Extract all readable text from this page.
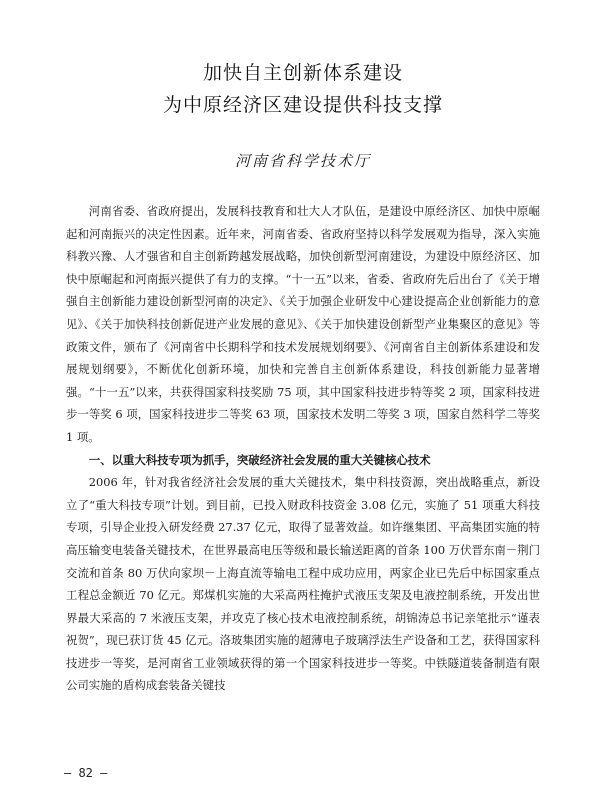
加快自主创新体系建设
为中原经济区建设提供科技支撑
河南省科学技术厅

河南省委、省政府提出，发展科技教育和壮大人才队伍，是建设中原经济区、加快中原崛起和河南振兴的决定性因素。近年来，河南省委、省政府坚持以科学发展观为指导，深入实施科教兴豫、人才强省和自主创新跨越发展战略，加快创新型河南建设，为建设中原经济区、加快中原崛起和河南振兴提供了有力的支撑。“十一五”以来，省委、省政府先后出台了《关于增强自主创新能力建设创新型河南的决定》、《关于加强企业研发中心建设提高企业创新能力的意见》、《关于加快科技创新促进产业发展的意见》、《关于加快建设创新型产业集聚区的意见》等政策文件，颁布了《河南省中长期科学和技术发展规划纲要》、《河南省自主创新体系建设和发展规划纲要》，不断优化创新环境，加快和完善自主创新体系建设，科技创新能力显著增强。“十一五”以来，共获得国家科技奖励 75 项，其中国家科技进步特等奖 2 项，国家科技进步一等奖 6 项，国家科技进步二等奖 63 项，国家技术发明二等奖 3 项，国家自然科学二等奖 1 项。

一、以重大科技专项为抓手，突破经济社会发展的重大关键核心技术

2006 年，针对我省经济社会发展的重大关键技术，集中科技资源，突出战略重点，新设立了“重大科技专项”计划。到目前，已投入财政科技资金 3.08 亿元，实施了 51 项重大科技专项，引导企业投入研发经费 27.37 亿元，取得了显著效益。如许继集团、平高集团实施的特高压输变电装备关键技术，在世界最高电压等级和最长输送距离的首条 100 万伏晋东南－荆门交流和首条 80 万伏向家坝－上海直流等输电工程中成功应用，两家企业已先后中标国家重点工程总金额近 70 亿元。郑煤机实施的大采高两柱掩护式液压支架及电液控制系统，开发出世界最大采高的 7 米液压支架，并攻克了核心技术电液控制系统，胡锦涛总书记亲笔批示“谨表祝贺”，现已获订货 45 亿元。洛玻集团实施的超薄电子玻璃浮法生产设备和工艺，获得国家科技进步一等奖，是河南省工业领域获得的第一个国家科技进步一等奖。中铁隧道装备制造有限公司实施的盾构成套装备关键技

— 82 —
